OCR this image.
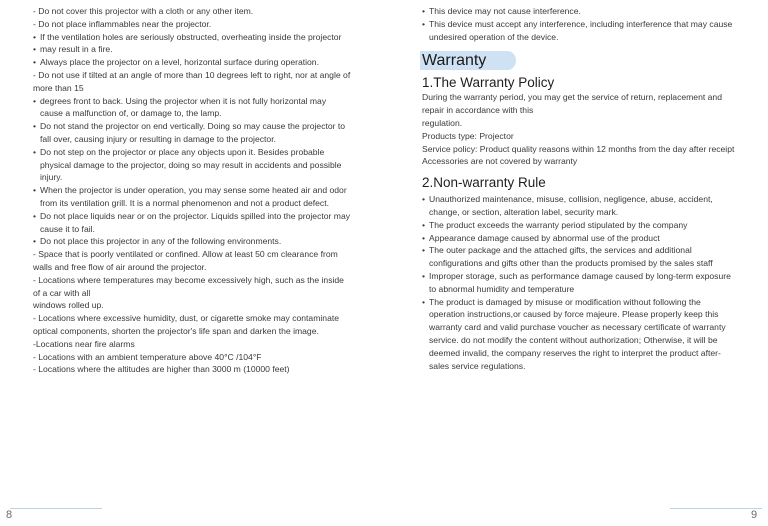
- Do not cover this projector with a cloth or any other item.

- Do not place inflammables near the projector.

• If the ventilation holes are seriously obstructed, overheating inside the projector

• may result in a fire.

• Always place the projector on a level, horizontal surface during operation.

- Do not use if tilted at an angle of more than 10 degrees left to right, nor at angle of more than 15

• degrees front to back. Using the projector when it is not fully horizontal may cause a malfunction of, or damage to, the lamp.

• Do not stand the projector on end vertically. Doing so may cause the projector to fall over, causing injury or resulting in damage to the projector.

• Do not step on the projector or place any objects upon it. Besides probable physical damage to the projector, doing so may result in accidents and possible injury.

• When the projector is under operation, you may sense some heated air and odor from its ventilation grill. It is a normal phenomenon and not a product defect.

• Do not place liquids near or on the projector. Liquids spilled into the projector may cause it to fail.

• Do not place this projector in any of the following environments.

- Space that is poorly ventilated or confined. Allow at least 50 cm clearance from walls and free flow of air around the projector.

- Locations where temperatures may become excessively high, such as the inside of a car with all

windows rolled up.

- Locations where excessive humidity, dust, or cigarette smoke may contaminate optical components, shorten the projector's life span and darken the image.

-Locations near fire alarms

- Locations with an ambient temperature above 40°C /104°F

- Locations where the altitudes are higher than 3000 m (10000 feet)

8

• This device may not cause interference.

• This device must accept any interference, including interference that may cause undesired operation of the device.

Warranty
1.The Warranty Policy

During the warranty period, you may get the service of return, replacement and repair in accordance with this

regulation.

Products type: Projector

Service policy: Product quality reasons within 12 months from the day after receipt

Accessories are not covered by warranty

2.Non-warranty Rule

• Unauthorized maintenance, misuse, collision, negligence, abuse, accident, change, or section, alteration label, security mark.

• The product exceeds the warranty period stipulated by the company

• Appearance damage caused by abnormal use of the product

• The outer package and the attached gifts, the services and additional configurations and gifts other than the products promised by the sales staff

• Improper storage, such as performance damage caused by long-term exposure to abnormal humidity and temperature

• The product is damaged by misuse or modification without following the operation instructions,or caused by force majeure. Please properly keep this warranty card and valid purchase voucher as necessary certificate of warranty service. do not modify the content without authorization; Otherwise, it will be deemed invalid, the company reserves the right to interpret the product after-sales service regulations.

9
